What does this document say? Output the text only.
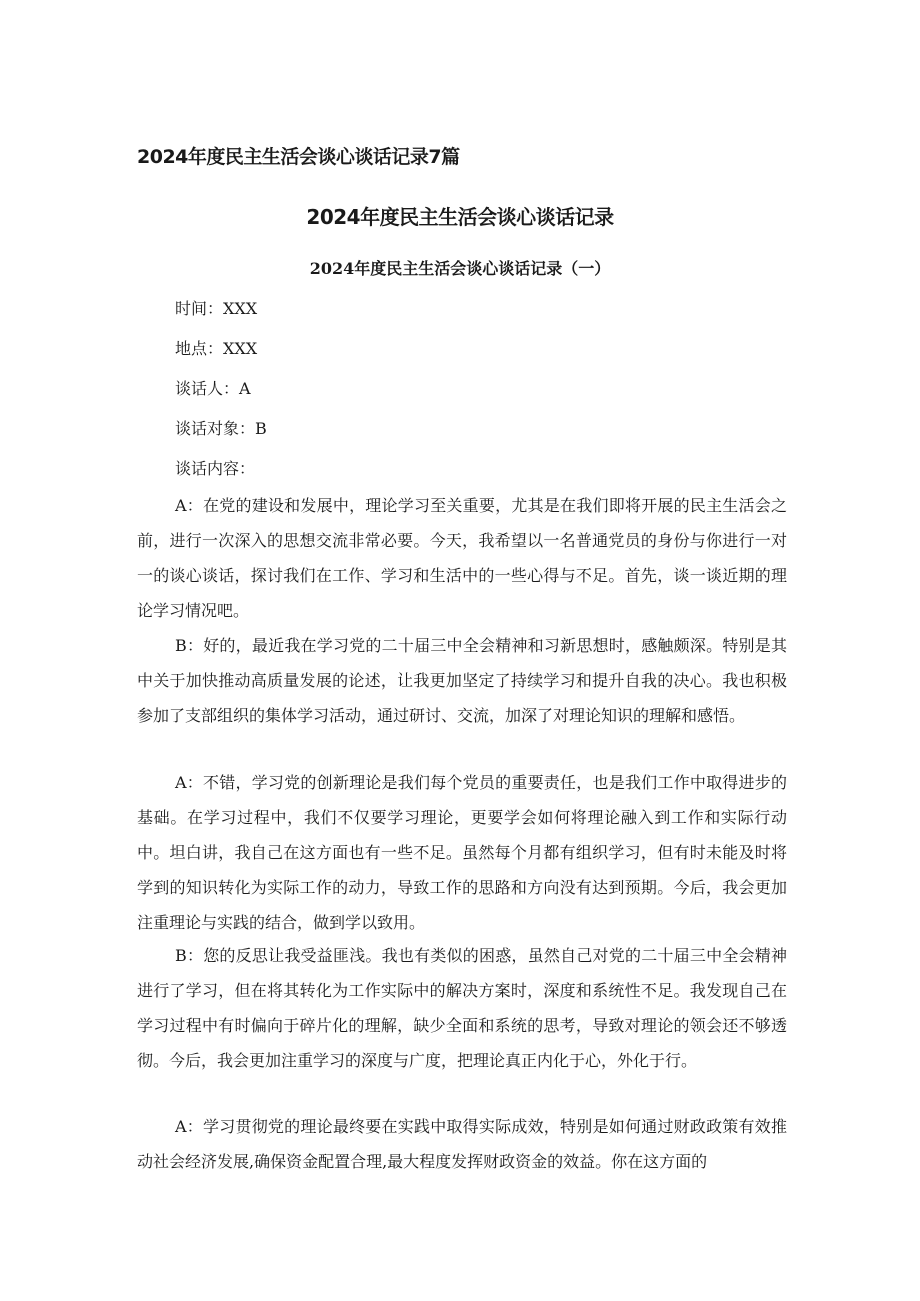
2024年度民主生活会谈心谈话记录7篇
2024年度民主生活会谈心谈话记录
2024年度民主生活会谈心谈话记录（一）

时间：XXX

地点：XXX

谈话人：A

谈话对象：B

谈话内容：

A：在党的建设和发展中，理论学习至关重要，尤其是在我们即将开展的民主生活会之前，进行一次深入的思想交流非常必要。今天，我希望以一名普通党员的身份与你进行一对一的谈心谈话，探讨我们在工作、学习和生活中的一些心得与不足。首先，谈一谈近期的理论学习情况吧。

B：好的，最近我在学习党的二十届三中全会精神和习新思想时，感触颇深。特别是其中关于加快推动高质量发展的论述，让我更加坚定了持续学习和提升自我的决心。我也积极参加了支部组织的集体学习活动，通过研讨、交流，加深了对理论知识的理解和感悟。

A：不错，学习党的创新理论是我们每个党员的重要责任，也是我们工作中取得进步的基础。在学习过程中，我们不仅要学习理论，更要学会如何将理论融入到工作和实际行动中。坦白讲，我自己在这方面也有一些不足。虽然每个月都有组织学习，但有时未能及时将学到的知识转化为实际工作的动力，导致工作的思路和方向没有达到预期。今后，我会更加注重理论与实践的结合，做到学以致用。

B：您的反思让我受益匪浅。我也有类似的困惑，虽然自己对党的二十届三中全会精神进行了学习，但在将其转化为工作实际中的解决方案时，深度和系统性不足。我发现自己在学习过程中有时偏向于碎片化的理解，缺少全面和系统的思考，导致对理论的领会还不够透彻。今后，我会更加注重学习的深度与广度，把理论真正内化于心，外化于行。

A：学习贯彻党的理论最终要在实践中取得实际成效，特别是如何通过财政政策有效推动社会经济发展,确保资金配置合理,最大程度发挥财政资金的效益。你在这方面的
